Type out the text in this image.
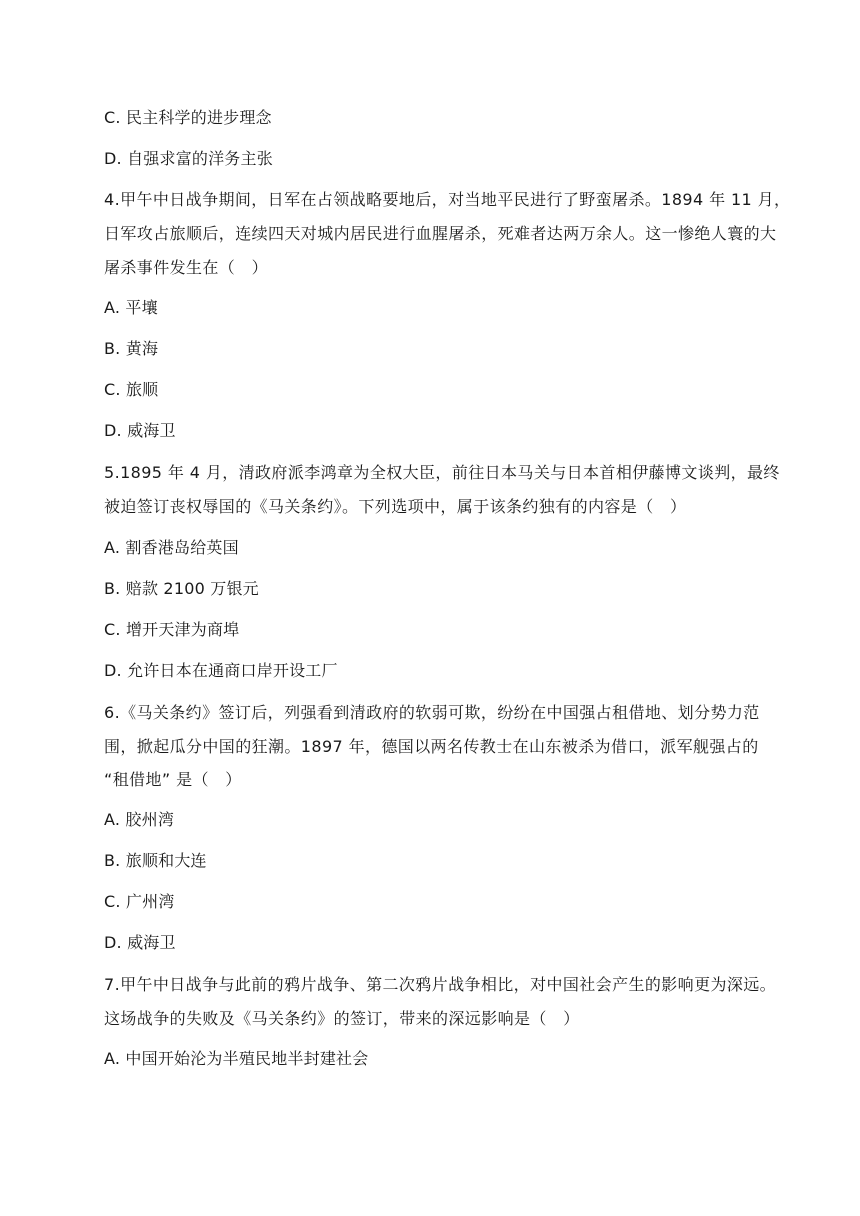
C. 民主科学的进步理念
D. 自强求富的洋务主张
4.甲午中日战争期间，日军在占领战略要地后，对当地平民进行了野蛮屠杀。1894 年 11 月，
日军攻占旅顺后，连续四天对城内居民进行血腥屠杀，死难者达两万余人。这一惨绝人寰的大
屠杀事件发生在（　）
A. 平壤
B. 黄海
C. 旅顺
D. 威海卫
5.1895 年 4 月，清政府派李鸿章为全权大臣，前往日本马关与日本首相伊藤博文谈判，最终
被迫签订丧权辱国的《马关条约》。下列选项中，属于该条约独有的内容是（　）
A. 割香港岛给英国
B. 赔款 2100 万银元
C. 增开天津为商埠
D. 允许日本在通商口岸开设工厂
6.《马关条约》签订后，列强看到清政府的软弱可欺，纷纷在中国强占租借地、划分势力范
围，掀起瓜分中国的狂潮。1897 年，德国以两名传教士在山东被杀为借口，派军舰强占的
“租借地” 是（　）
A. 胶州湾
B. 旅顺和大连
C. 广州湾
D. 威海卫
7.甲午中日战争与此前的鸦片战争、第二次鸦片战争相比，对中国社会产生的影响更为深远。
这场战争的失败及《马关条约》的签订，带来的深远影响是（　）
A. 中国开始沦为半殖民地半封建社会
